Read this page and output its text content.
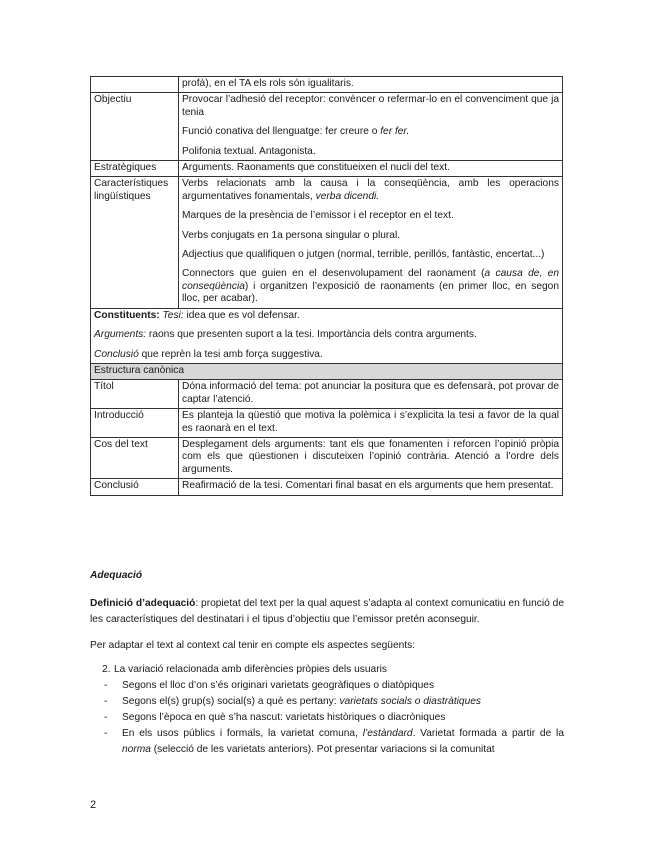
	profà), en el TA els rols són igualitaris.
Objectiu	Provocar l’adhesió del receptor: convèncer o refermar-lo en el convenciment que ja tenia

Funció conativa del llenguatge: fer creure o fer fer.

Polifonia textual. Antagonista.

Estratègiques	Arguments. Raonaments que constitueixen el nucli del text.
Característiques lingüístiques	Verbs relacionats amb la causa i la conseqüència, amb les operacions argumentatives fonamentals, verba dicendi.

Marques de la presència de l’emissor i el receptor en el text.

Verbs conjugats en 1a persona singular o plural.

Adjectius que qualifiquen o jutgen (normal, terrible, perillós, fantàstic, encertat...)

Connectors que guien en el desenvolupament del raonament (a causa de, en conseqüència) i organitzen l’exposició de raonaments (en primer lloc, en segon lloc, per acabar).

Constituents: Tesi: idea que es vol defensar.

Arguments: raons que presenten suport a la tesi. Importància dels contra arguments.

Conclusió que reprèn la tesi amb força suggestiva.	

Estructura canònica	
Títol	Dóna informació del tema: pot anunciar la positura que es defensarà, pot provar de captar l’atenció.

Introducció	Es planteja la qüestió que motiva la polèmica i s’explicita la tesi a favor de la qual es raonarà en el text.

Cos del text	Desplegament dels arguments: tant els que fonamenten i reforcen l’opinió pròpia com els que qüestionen i discuteixen l’opinió contrària. Atenció a l’ordre dels arguments.

Conclusió	Reafirmació de la tesi. Comentari final basat en els arguments que hem presentat.

Adequació

Definició d’adequació: propietat del text per la qual aquest s’adapta al context comunicatiu en funció de les característiques del destinatari i el tipus d’objectiu que l’emissor pretén aconseguir.

Per adaptar el text al context cal tenir en compte els aspectes següents:

2. La variació relacionada amb diferències pròpies dels usuaris
- Segons el lloc d’on s’és originari varietats geogràfiques o diatòpiques
- Segons el(s) grup(s) social(s) a què es pertany: varietats socials o diastràtiques
- Segons l’època en què s’ha nascut: varietats històriques o diacròniques
- En els usos públics i formals, la varietat comuna, l’estàndard. Varietat formada a partir de la norma (selecció de les varietats anteriors). Pot presentar variacions si la comunitat

2
